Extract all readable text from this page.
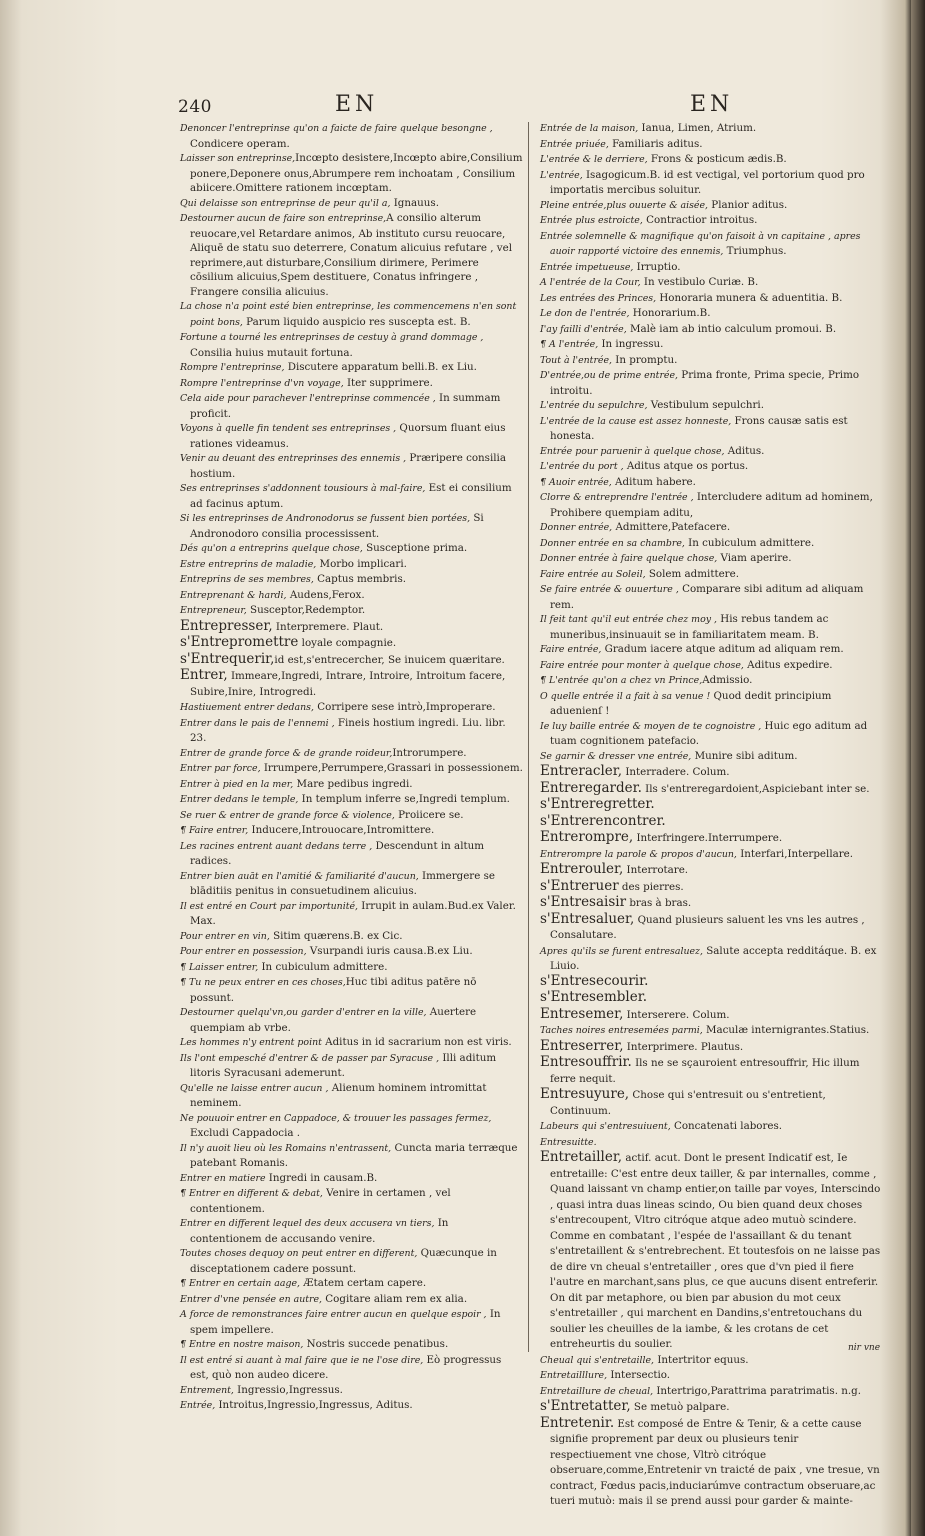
240	EN	EN
Denoncer l'entreprinse qu'on a faicte de faire quelque besongne , Condicere operam.
Laisser son entreprinse,Incœpto desistere,Incœpto abire,Consilium ponere,Deponere onus,Abrumpere rem inchoatam , Consilium abiicere.Omittere rationem incœptam.
Qui delaisse son entreprinse de peur qu'il a, Ignauus.
Destourner aucun de faire son entreprinse,A consilio alterum reuocare,vel Retardare animos, Ab instituto cursu reuocare, Aliquē de statu suo deterrere, Conatum alicuius refutare , vel reprimere,aut disturbare,Consilium dirimere, Perimere cōsilium alicuius,Spem destituere, Conatus infringere , Frangere consilia alicuius.
La chose n'a point esté bien entreprinse, les commencemens n'en sont point bons, Parum liquido auspicio res suscepta est. B.
Fortune a tourné les entreprinses de cestuy à grand dommage , Consilia huius mutauit fortuna.
Rompre l'entreprinse, Discutere apparatum belli.B. ex Liu.
Rompre l'entreprinse d'vn voyage, Iter supprimere.
Cela aide pour parachever l'entreprinse commencée , In summam proficit.
Voyons à quelle fin tendent ses entreprinses , Quorsum fluant eius rationes videamus.
Venir au deuant des entreprinses des ennemis , Præripere consilia hostium.
Ses entreprinses s'addonnent tousiours à mal-faire, Est ei consilium ad facinus aptum.
Si les entreprinses de Andronodorus se fussent bien portées, Si Andronodoro consilia processissent.
Dés qu'on a entreprins quelque chose, Susceptione prima.
Estre entreprins de maladie, Morbo implicari.
Entreprins de ses membres, Captus membris.
Entreprenant & hardi, Audens,Ferox.
Entrepreneur, Susceptor,Redemptor.
Entrepresser, Interpremere. Plaut.
s'Entrepromettre loyale compagnie.
s'Entrequerir,id est,s'entrecercher, Se inuicem quæritare.
Entrer, Immeare,Ingredi, Intrare, Introire, Introitum facere, Subire,Inire, Introgredi.
Hastiuement entrer dedans, Corripere sese intrò,Improperare.
Entrer dans le pais de l'ennemi , Fineis hostium ingredi. Liu. libr. 23.
Entrer de grande force & de grande roideur,Introrumpere.
Entrer par force, Irrumpere,Perrumpere,Grassari in possessionem.
Entrer à pied en la mer, Mare pedibus ingredi.
Entrer dedans le temple, In templum inferre se,Ingredi templum.
Se ruer & entrer de grande force & violence, Proiicere se.
¶ Faire entrer, Inducere,Introuocare,Intromittere.
Les racines entrent auant dedans terre , Descendunt in altum radices.
Entrer bien auāt en l'amitié & familiarité d'aucun, Immergere se blāditiis penitus in consuetudinem alicuius.
Il est entré en Court par importunité, Irrupit in aulam.Bud.ex Valer. Max.
Pour entrer en vin, Sitim quærens.B. ex Cic.
Pour entrer en possession, Vsurpandi iuris causa.B.ex Liu.
¶ Laisser entrer, In cubiculum admittere.
¶ Tu ne peux entrer en ces choses,Huc tibi aditus patēre nō possunt.
Destourner quelqu'vn,ou garder d'entrer en la ville, Auertere quempiam ab vrbe.
Les hommes n'y entrent point Aditus in id sacrarium non est viris.
Ils l'ont empesché d'entrer & de passer par Syracuse , Illi aditum litoris Syracusani ademerunt.
Qu'elle ne laisse entrer aucun , Alienum hominem intromittat neminem.
Ne pouuoir entrer en Cappadoce, & trouuer les passages fermez, Excludi Cappadocia .
Il n'y auoit lieu où les Romains n'entrassent, Cuncta maria terræque patebant Romanis.
Entrer en matiere Ingredi in causam.B.
¶ Entrer en different & debat, Venire in certamen , vel contentionem.
Entrer en different lequel des deux accusera vn tiers, In contentionem de accusando venire.
Toutes choses dequoy on peut entrer en different, Quæcunque in disceptationem cadere possunt.
¶ Entrer en certain aage, Ætatem certam capere.
Entrer d'vne pensée en autre, Cogitare aliam rem ex alia.
A force de remonstrances faire entrer aucun en quelque espoir , In spem impellere.
¶ Entre en nostre maison, Nostris succede penatibus.
Il est entré si auant à mal faire que ie ne l'ose dire, Eò progressus est, quò non audeo dicere.
Entrement, Ingressio,Ingressus.
Entrée, Introitus,Ingressio,Ingressus, Aditus.
Entrée de la maison, Ianua, Limen, Atrium.
Entrée priuée, Familiaris aditus.
L'entrée & le derriere, Frons & posticum ædis.B.
L'entrée, Isagogicum.B. id est vectigal, vel portorium quod pro importatis mercibus soluitur.
Pleine entrée,plus ouuerte & aisée, Planior aditus.
Entrée plus estroicte, Contractior introitus.
Entrée solemnelle & magnifique qu'on faisoit à vn capitaine , apres auoir rapporté victoire des ennemis, Triumphus.
Entrée impetueuse, Irruptio.
A l'entrée de la Cour, In vestibulo Curiæ. B.
Les entrées des Princes, Honoraria munera & aduentitia. B.
Le don de l'entrée, Honorarium.B.
I'ay failli d'entrée, Malè iam ab intio calculum promoui. B.
¶ A l'entrée, In ingressu.
Tout à l'entrée, In promptu.
D'entrée,ou de prime entrée, Prima fronte, Prima specie, Primo introitu.
L'entrée du sepulchre, Vestibulum sepulchri.
L'entrée de la cause est assez honneste, Frons causæ satis est honesta.
Entrée pour paruenir à quelque chose, Aditus.
L'entrée du port , Aditus atque os portus.
¶ Auoir entrée, Aditum habere.
Clorre & entreprendre l'entrée , Intercludere aditum ad hominem, Prohibere quempiam aditu,
Donner entrée, Admittere,Patefacere.
Donner entrée en sa chambre, In cubiculum admittere.
Donner entrée à faire quelque chose, Viam aperire.
Faire entrée au Soleil, Solem admittere.
Se faire entrée & ouuerture , Comparare sibi aditum ad aliquam rem.
Il feit tant qu'il eut entrée chez moy , His rebus tandem ac muneribus,insinuauit se in familiaritatem meam. B.
Faire entrée, Gradum iacere atque aditum ad aliquam rem.
Faire entrée pour monter à quelque chose, Aditus expedire.
¶ L'entrée qu'on a chez vn Prince,Admissio.
O quelle entrée il a fait à sa venue ! Quod dedit principium aduenienſ !
Ie luy baille entrée & moyen de te cognoistre , Huic ego aditum ad tuam cognitionem patefacio.
Se garnir & dresser vne entrée, Munire sibi aditum.
Entreracler, Interradere. Colum.
Entreregarder. Ils s'entreregardoient,Aspiciebant inter se.
s'Entreregretter.
s'Entrerencontrer.
Entrerompre, Interfringere.Interrumpere.
Entrerompre la parole & propos d'aucun, Interfari,Interpellare.
Entrerouler, Interrotare.
s'Entreruer des pierres.
s'Entresaisir bras à bras.
s'Entresaluer, Quand plusieurs saluent les vns les autres , Consalutare.
Apres qu'ils se furent entresaluez, Salute accepta redditáque. B. ex Liuio.
s'Entresecourir.
s'Entresembler.
Entresemer, Interserere. Colum.
Taches noires entresemées parmi, Maculæ internigrantes.Statius.
Entreserrer, Interprimere. Plautus.
Entresouffrir. Ils ne se sçauroient entresouffrir, Hic illum ferre nequit.
Entresuyure, Chose qui s'entresuit ou s'entretient, Continuum.
Labeurs qui s'entresuiuent, Concatenati labores.
Entresuitte.
Entretailler, actif. acut. Dont le present Indicatif est, Ie entretaille: C'est entre deux tailler, & par internalles, comme , Quand laissant vn champ entier,on taille par voyes, Interscindo , quasi intra duas lineas scindo, Ou bien quand deux choses s'entrecoupent, Vltro citróque atque adeo mutuò scindere. Comme en combatant , l'espée de l'assaillant & du tenant s'entretaillent & s'entrebrechent. Et toutesfois on ne laisse pas de dire vn cheual s'entretailler , ores que d'vn pied il fiere l'autre en marchant,sans plus, ce que aucuns disent entreferir. On dit par metaphore, ou bien par abusion du mot ceux s'entretailler , qui marchent en Dandins,s'entretouchans du soulier les cheuilles de la iambe, & les crotans de cet entreheurtis du soulier.
Cheual qui s'entretaille, Intertritor equus.
Entretailllure, Intersectio.
Entretaillure de cheual, Intertrigo,Parattrima paratrimatis. n.g.
s'Entretatter, Se metuò palpare.
Entretenir. Est composé de Entre & Tenir, & a cette cause signifie proprement par deux ou plusieurs tenir respectiuement vne chose, Vltrò citróque obseruare,comme,Entretenir vn traicté de paix , vne tresue, vn contract, Fœdus pacis,induciarúmve contractum obseruare,ac tueri mutuò: mais il se prend aussi pour garder & mainte-
nir vne
